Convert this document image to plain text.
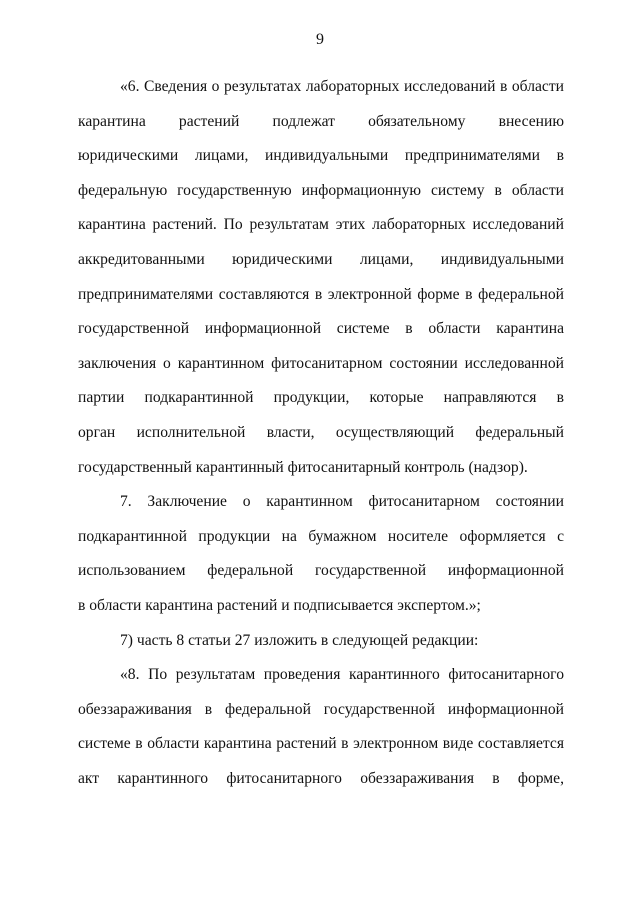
9
«6. Сведения о результатах лабораторных исследований в области
карантина растений подлежат обязательному внесению
юридическими лицами, индивидуальными предпринимателями в
федеральную государственную информационную систему в области
карантина растений. По результатам этих лабораторных исследований
аккредитованными юридическими лицами, индивидуальными
предпринимателями составляются в электронной форме в федеральной
государственной информационной системе в области карантина
заключения о карантинном фитосанитарном состоянии исследованной
партии подкарантинной продукции, которые направляются в
орган исполнительной власти, осуществляющий федеральный
государственный карантинный фитосанитарный контроль (надзор).
7. Заключение о карантинном фитосанитарном состоянии
подкарантинной продукции на бумажном носителе оформляется с
использованием федеральной государственной информационной
в области карантина растений и подписывается экспертом.»;
7) часть 8 статьи 27 изложить в следующей редакции:
«8. По результатам проведения карантинного фитосанитарного
обеззараживания в федеральной государственной информационной
системе в области карантина растений в электронном виде составляется
акт карантинного фитосанитарного обеззараживания в форме,
